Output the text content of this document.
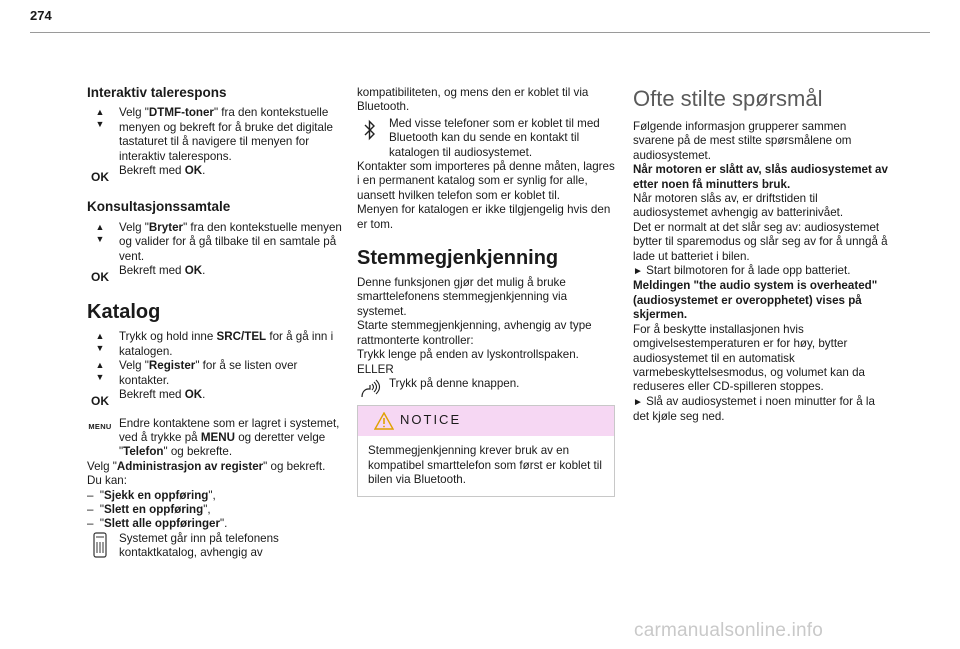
274
Interaktiv talerespons
▲
▼

Velg "DTMF-toner" fra den kontekstuelle menyen og bekreft for å bruke det digitale tastaturet til å navigere til menyen for interaktiv talerespons.

OK Bekreft med OK.

Konsultasjonssamtale
▲
▼

Velg "Bryter" fra den kontekstuelle menyen og valider for å gå tilbake til en samtale på vent.

OK Bekreft med OK.

Katalog
▲
▼

Trykk og hold inne SRC/TEL for å gå inn i katalogen.

▲
▼

Velg "Register" for å se listen over kontakter.

OK Bekreft med OK.

MENU Endre kontaktene som er lagret i systemet, ved å trykke på MENU og deretter velge "Telefon" og bekrefte.

Velg "Administrasjon av register" og bekreft.

Du kan:

– "Sjekk en oppføring",

– "Slett en oppføring",

– "Slett alle oppføringer".

Systemet går inn på telefonens kontaktkatalog, avhengig av

kompatibiliteten, og mens den er koblet til via Bluetooth.

Med visse telefoner som er koblet til med Bluetooth kan du sende en kontakt til katalogen til audiosystemet.

Kontakter som importeres på denne måten, lagres i en permanent katalog som er synlig for alle, uansett hvilken telefon som er koblet til.

Menyen for katalogen er ikke tilgjengelig hvis den er tom.

Stemmegjenkjenning

Denne funksjonen gjør det mulig å bruke smarttelefonens stemmegjenkjenning via systemet.

Starte stemmegjenkjenning, avhengig av type rattmonterte kontroller:

Trykk lenge på enden av lyskontrollspaken.

ELLER

Trykk på denne knappen.

NOTICE
Stemmegjenkjenning krever bruk av en kompatibel smarttelefon som først er koblet til bilen via Bluetooth.
Ofte stilte spørsmål

Følgende informasjon grupperer sammen svarene på de mest stilte spørsmålene om audiosystemet.

Når motoren er slått av, slås audiosystemet av etter noen få minutters bruk.

Når motoren slås av, er driftstiden til audiosystemet avhengig av batterinivået.

Det er normalt at det slår seg av: audiosystemet bytter til sparemodus og slår seg av for å unngå å lade ut batteriet i bilen.

► Start bilmotoren for å lade opp batteriet.

Meldingen "the audio system is overheated" (audiosystemet er overopphetet) vises på skjermen.

For å beskytte installasjonen hvis omgivelsestemperaturen er for høy, bytter audiosystemet til en automatisk varmebeskyttelsesmodus, og volumet kan da reduseres eller CD-spilleren stoppes.

► Slå av audiosystemet i noen minutter for å la det kjøle seg ned.

carmanualsonline.info
